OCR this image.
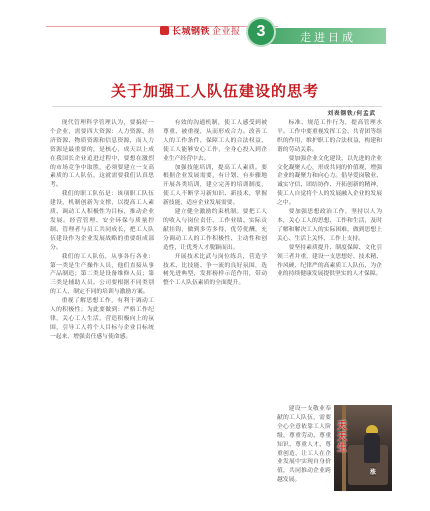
长城钢铁 企业报	3	走进日成
关于加强工人队伍建设的思考
刘表钢铁/何孟武

现代管理科学管理认为，要搞好一个企业，需要四大资源：人力资源、经济资源、物质资源和信息资源，而人力资源是最重要的，是核心，成天以上成在我国长企业追进过程中，要想在激烈的市场竞争中取胜，必须要建立一支高素质的工人队伍，这就需要我们认真思考。

我们的职工队伍是：该项职工队伍建设，机制创新为支撑，以提高工人素质、调动工人积极性为目标，推动企业发展。经营管理、安全环保与质量控制、管理者与员工共同成长，把工人队伍建设作为企业发展战略的重要组成部分。

我们的工人队伍，从事各行各业：第一类是生产操作人员，他们直接从事产品制造；第二类是设备维修人员；第三类是辅助人员。公司要根据不同类别的工人，制定不同的培训与激励方案。

重视了解思想工作，有利于调动工人的积极性；为此要做到：严格工作纪律，关心工人生活，营造积极向上的氛围，引导工人将个人目标与企业目标统一起来，增强责任感与使命感。

有效的沟通机制，使工人感受到被尊重、被重视，从而形成合力。改善工人的工作条件，保障工人的合法权益，使工人能够安心工作，全身心投入到企业生产经营中去。

加强技能培训，提高工人素质。要根据企业发展需要，有计划、有步骤地开展各类培训，建立完善的培训制度，使工人不断学习新知识、新技术，掌握新技能，适应企业发展需要。

建立健全激励约束机制。要把工人的收入与岗位责任、工作业绩、实际贡献挂钩，做到多劳多得，优劳优酬，充分调动工人的工作积极性、主动性和创造性，让优秀人才脱颖而出。

开展技术比武与岗位练兵，营造学技术、比技能、争一流的良好氛围，选树先进典型，发挥榜样示范作用，带动整个工人队伍素质的全面提升。

标准、规范工作行为，提高管理水平。工作中要重视发挥工会、共青团等组织的作用，维护职工的合法权益，构建和谐的劳动关系。

要加强企业文化建设，以先进的企业文化凝聚人心，形成共同的价值观，增强企业的凝聚力和向心力。倡导爱岗敬业、诚实守信、团结协作、开拓创新的精神，使工人自觉将个人的发展融入企业的发展之中。

要加强思想政治工作，坚持以人为本，关心工人的思想、工作和生活，及时了解和解决工人的实际困难，做到思想上关心、生活上关怀、工作上支持。

要坚持素质提升、制度保障、文化引领三者并重，建设一支思想好、技术精、作风硬、纪律严的高素质工人队伍，为企业的持续健康发展提供坚实的人才保障。

建设一支敬业奉献的工人队伍，需要全心全意依靠工人阶级，尊重劳动、尊重知识、尊重人才、尊重创造，让工人在企业发展中实现自身价值，共同推动企业跨越发展。

天天生
涨
